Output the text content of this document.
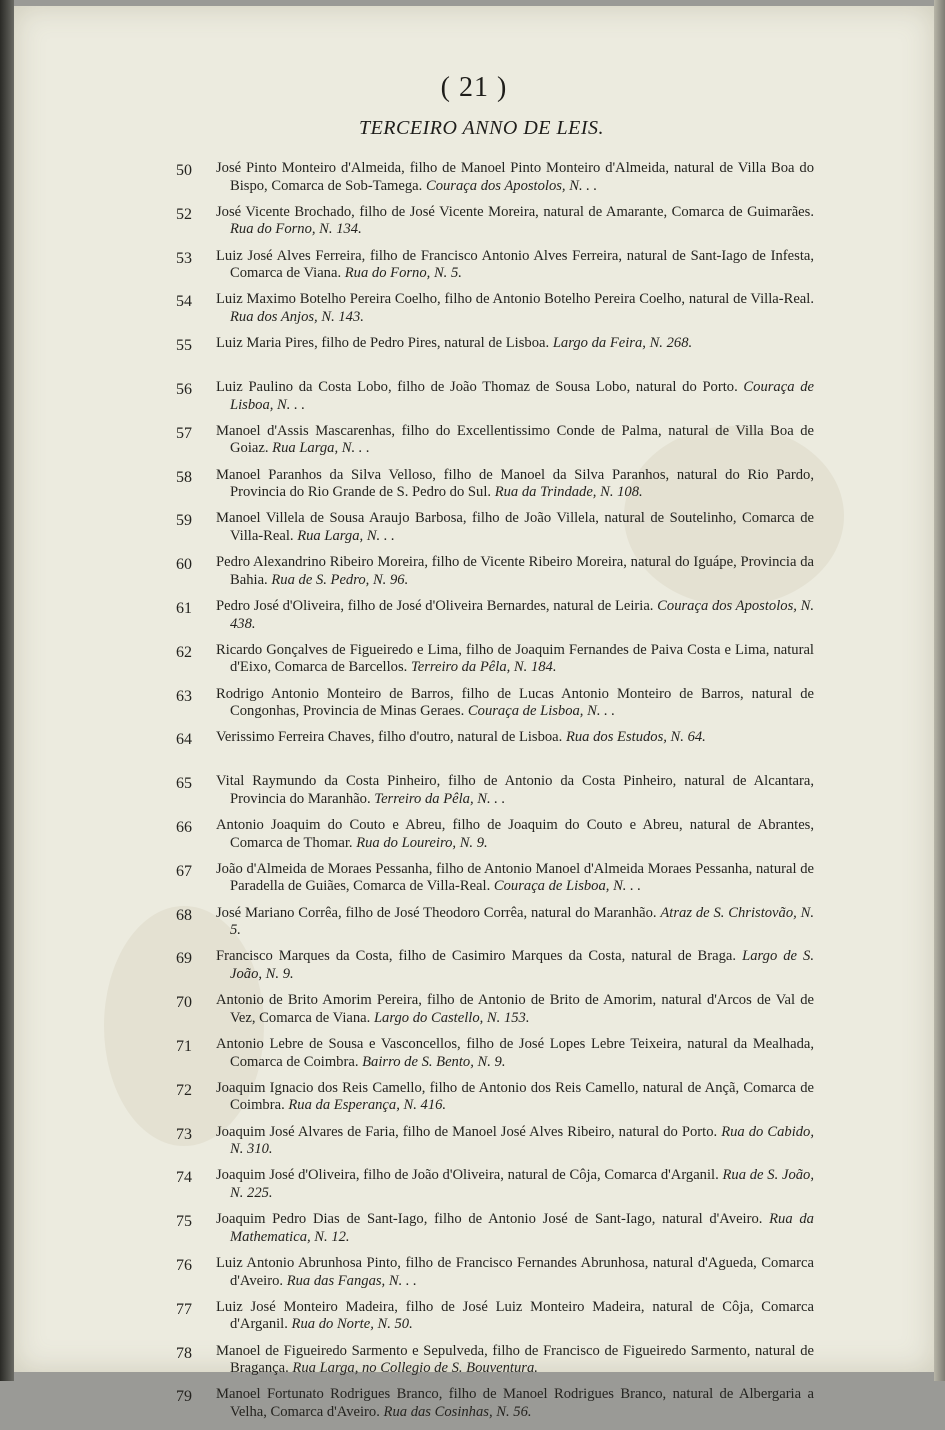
( 21 )
TERCEIRO ANNO DE LEIS.
50	José Pinto Monteiro d'Almeida, filho de Manoel Pinto Monteiro d'Almeida, natural de Villa Boa do Bispo, Comarca de Sob-Tamega. Couraça dos Apostolos, N. . .
52	José Vicente Brochado, filho de José Vicente Moreira, natural de Amarante, Comarca de Guimarães. Rua do Forno, N. 134.
53	Luiz José Alves Ferreira, filho de Francisco Antonio Alves Ferreira, natural de Sant-Iago de Infesta, Comarca de Viana. Rua do Forno, N. 5.
54	Luiz Maximo Botelho Pereira Coelho, filho de Antonio Botelho Pereira Coelho, natural de Villa-Real. Rua dos Anjos, N. 143.
55	Luiz Maria Pires, filho de Pedro Pires, natural de Lisboa. Largo da Feira, N. 268.
56	Luiz Paulino da Costa Lobo, filho de João Thomaz de Sousa Lobo, natural do Porto. Couraça de Lisboa, N. . .
57	Manoel d'Assis Mascarenhas, filho do Excellentissimo Conde de Palma, natural de Villa Boa de Goiaz. Rua Larga, N. . .
58	Manoel Paranhos da Silva Velloso, filho de Manoel da Silva Paranhos, natural do Rio Pardo, Provincia do Rio Grande de S. Pedro do Sul. Rua da Trindade, N. 108.
59	Manoel Villela de Sousa Araujo Barbosa, filho de João Villela, natural de Soutelinho, Comarca de Villa-Real. Rua Larga, N. . .
60	Pedro Alexandrino Ribeiro Moreira, filho de Vicente Ribeiro Moreira, natural do Iguápe, Provincia da Bahia. Rua de S. Pedro, N. 96.
61	Pedro José d'Oliveira, filho de José d'Oliveira Bernardes, natural de Leiria. Couraça dos Apostolos, N. 438.
62	Ricardo Gonçalves de Figueiredo e Lima, filho de Joaquim Fernandes de Paiva Costa e Lima, natural d'Eixo, Comarca de Barcellos. Terreiro da Pêla, N. 184.
63	Rodrigo Antonio Monteiro de Barros, filho de Lucas Antonio Monteiro de Barros, natural de Congonhas, Provincia de Minas Geraes. Couraça de Lisboa, N. . .
64	Verissimo Ferreira Chaves, filho d'outro, natural de Lisboa. Rua dos Estudos, N. 64.
65	Vital Raymundo da Costa Pinheiro, filho de Antonio da Costa Pinheiro, natural de Alcantara, Provincia do Maranhão. Terreiro da Pêla, N. . .
66	Antonio Joaquim do Couto e Abreu, filho de Joaquim do Couto e Abreu, natural de Abrantes, Comarca de Thomar. Rua do Loureiro, N. 9.
67	João d'Almeida de Moraes Pessanha, filho de Antonio Manoel d'Almeida Moraes Pessanha, natural de Paradella de Guiães, Comarca de Villa-Real. Couraça de Lisboa, N. . .
68	José Mariano Corrêa, filho de José Theodoro Corrêa, natural do Maranhão. Atraz de S. Christovão, N. 5.
69	Francisco Marques da Costa, filho de Casimiro Marques da Costa, natural de Braga. Largo de S. João, N. 9.
70	Antonio de Brito Amorim Pereira, filho de Antonio de Brito de Amorim, natural d'Arcos de Val de Vez, Comarca de Viana. Largo do Castello, N. 153.
71	Antonio Lebre de Sousa e Vasconcellos, filho de José Lopes Lebre Teixeira, natural da Mealhada, Comarca de Coimbra. Bairro de S. Bento, N. 9.
72	Joaquim Ignacio dos Reis Camello, filho de Antonio dos Reis Camello, natural de Ançã, Comarca de Coimbra. Rua da Esperança, N. 416.
73	Joaquim José Alvares de Faria, filho de Manoel José Alves Ribeiro, natural do Porto. Rua do Cabido, N. 310.
74	Joaquim José d'Oliveira, filho de João d'Oliveira, natural de Côja, Comarca d'Arganil. Rua de S. João, N. 225.
75	Joaquim Pedro Dias de Sant-Iago, filho de Antonio José de Sant-Iago, natural d'Aveiro. Rua da Mathematica, N. 12.
76	Luiz Antonio Abrunhosa Pinto, filho de Francisco Fernandes Abrunhosa, natural d'Agueda, Comarca d'Aveiro. Rua das Fangas, N. . .
77	Luiz José Monteiro Madeira, filho de José Luiz Monteiro Madeira, natural de Côja, Comarca d'Arganil. Rua do Norte, N. 50.
78	Manoel de Figueiredo Sarmento e Sepulveda, filho de Francisco de Figueiredo Sarmento, natural de Bragança. Rua Larga, no Collegio de S. Bouventura.
79	Manoel Fortunato Rodrigues Branco, filho de Manoel Rodrigues Branco, natural de Albergaria a Velha, Comarca d'Aveiro. Rua das Cosinhas, N. 56.
